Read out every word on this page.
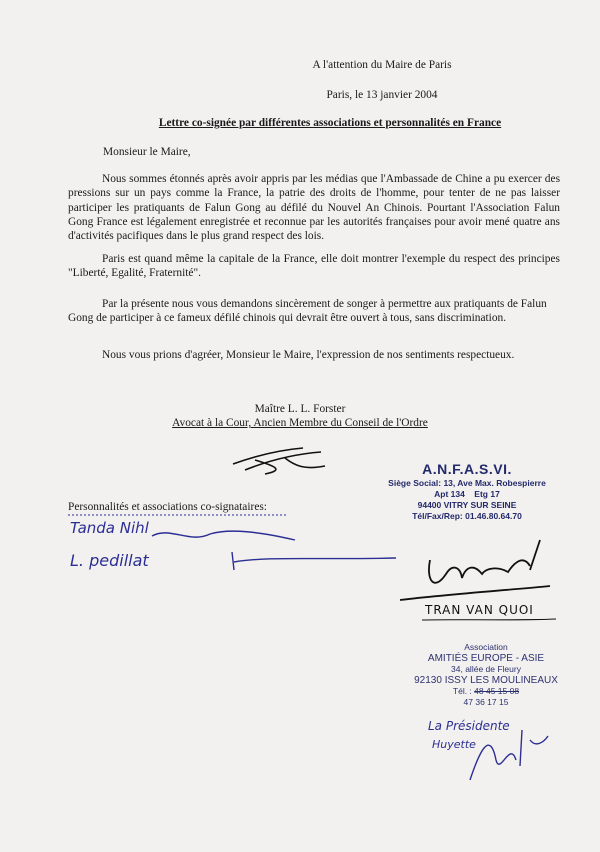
A l'attention du Maire de Paris
Paris, le 13 janvier 2004
Lettre co-signée par différentes associations et personnalités en France
Monsieur le Maire,
Nous sommes étonnés après avoir appris par les médias que l'Ambassade de Chine a pu exercer des pressions sur un pays comme la France, la patrie des droits de l'homme, pour tenter de ne pas laisser participer les pratiquants de Falun Gong au défilé du Nouvel An Chinois. Pourtant l'Association Falun Gong France est légalement enregistrée et reconnue par les autorités françaises pour avoir mené quatre ans d'activités pacifiques dans le plus grand respect des lois.
Paris est quand même la capitale de la France, elle doit montrer l'exemple du respect des principes "Liberté, Egalité, Fraternité".
Par la présente nous vous demandons sincèrement de songer à permettre aux pratiquants de Falun Gong de participer à ce fameux défilé chinois qui devrait être ouvert à tous, sans discrimination.
Nous vous prions d'agréer, Monsieur le Maire, l'expression de nos sentiments respectueux.
Maître L. L. Forster
Avocat à la Cour, Ancien Membre du Conseil de l'Ordre
Personnalités et associations co-signataires:
Tanda Nihl
L. pedillat
A.N.F.A.S.VI.
Siège Social: 13, Ave Max. Robespierre
Apt 134    Etg 17
94400 VITRY SUR SEINE
Tél/Fax/Rep: 01.46.80.64.70
TRAN VAN QUOI
Association
AMITIÉS EUROPE - ASIE
34, allée de Fleury
92130 ISSY LES MOULINEAUX
Tél. : 48 45 15 08
47 36 17 15
La Présidente
Huyette
